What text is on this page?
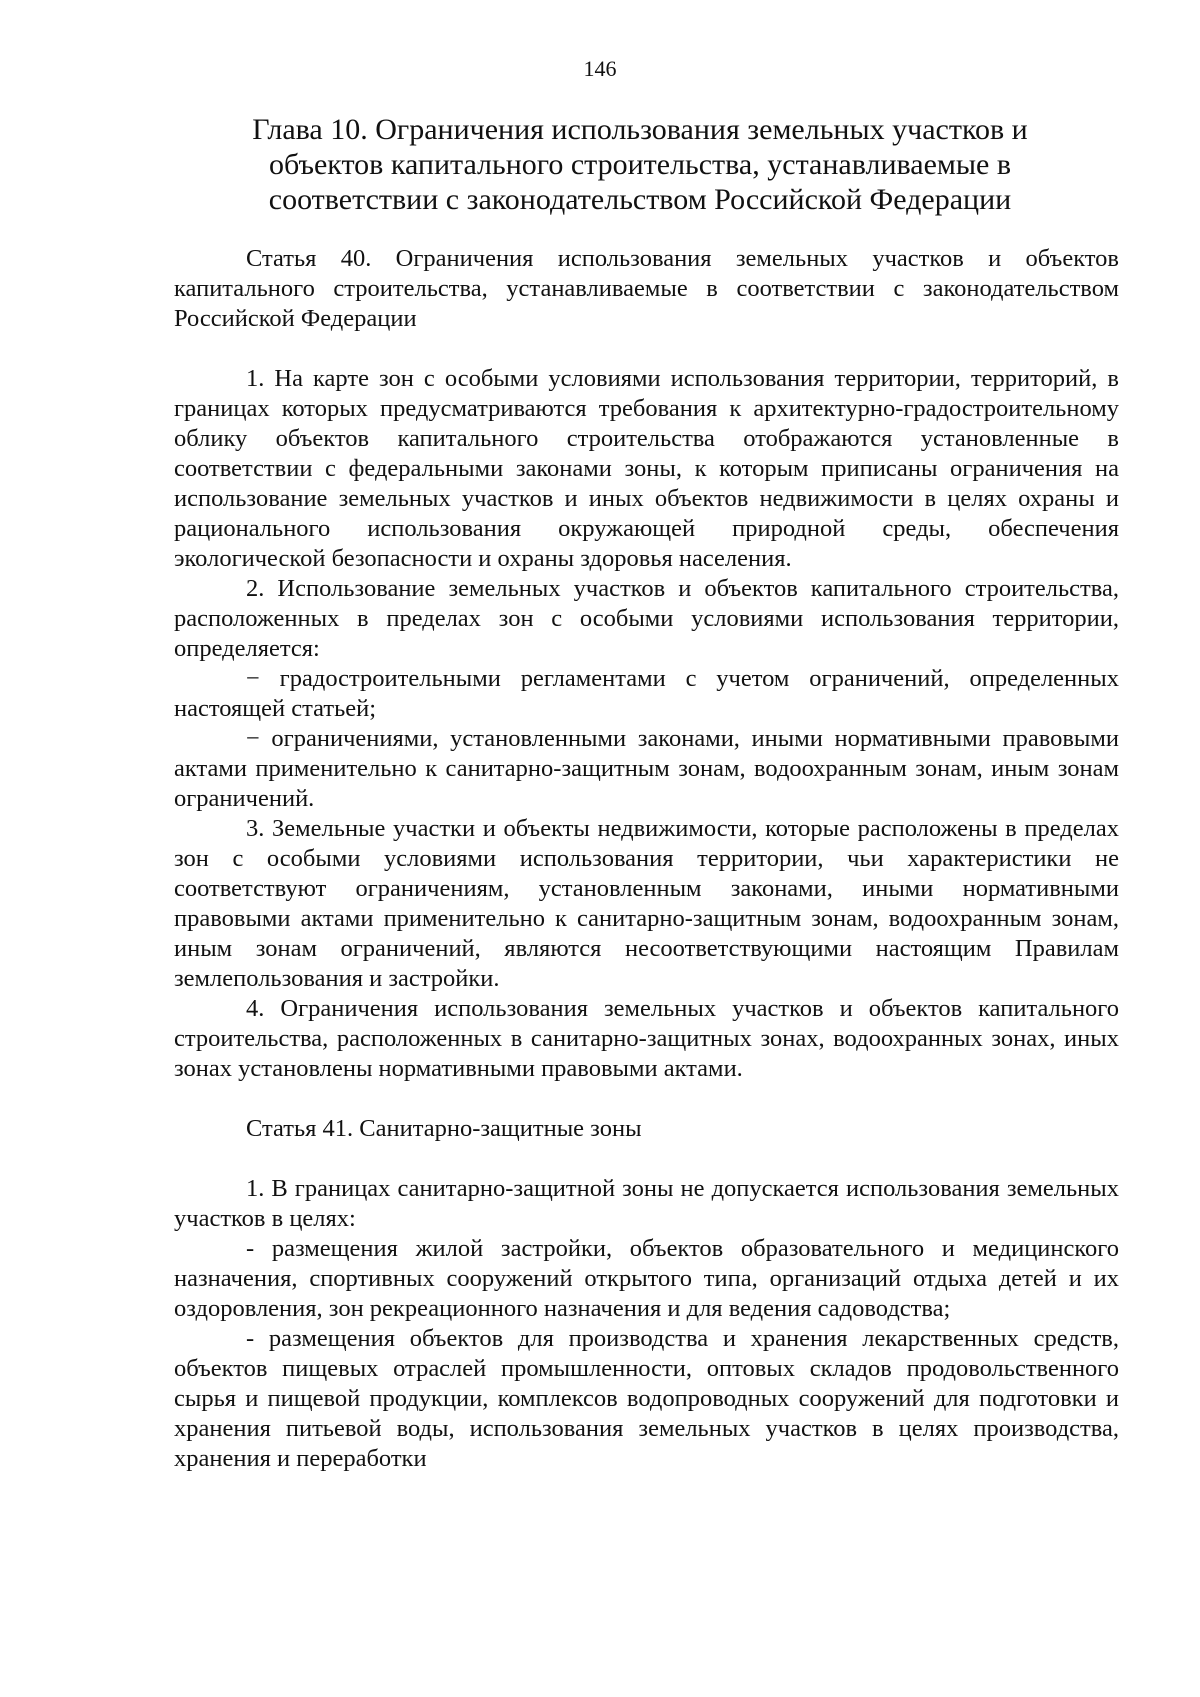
146
Глава 10. Ограничения использования земельных участков и
объектов капитального строительства, устанавливаемые в
соответствии с законодательством Российской Федерации

Статья 40. Ограничения использования земельных участков и объектов капитального строительства, устанавливаемые в соответствии с законодательством Российской Федерации

1. На карте зон с особыми условиями использования территории, территорий, в границах которых предусматриваются требования к архитектурно-градостроительному облику объектов капитального строительства отображаются установленные в соответствии с федеральными законами зоны, к которым приписаны ограничения на использование земельных участков и иных объектов недвижимости в целях охраны и рационального использования окружающей природной среды, обеспечения экологической безопасности и охраны здоровья населения.

2. Использование земельных участков и объектов капитального строительства, расположенных в пределах зон с особыми условиями использования территории, определяется:

− градостроительными регламентами с учетом ограничений, определенных настоящей статьей;

− ограничениями, установленными законами, иными нормативными правовыми актами применительно к санитарно-защитным зонам, водоохранным зонам, иным зонам ограничений.

3. Земельные участки и объекты недвижимости, которые расположены в пределах зон с особыми условиями использования территории, чьи характеристики не соответствуют ограничениям, установленным законами, иными нормативными правовыми актами применительно к санитарно-защитным зонам, водоохранным зонам, иным зонам ограничений, являются несоответствующими настоящим Правилам землепользования и застройки.

4. Ограничения использования земельных участков и объектов капитального строительства, расположенных в санитарно-защитных зонах, водоохранных зонах, иных зонах установлены нормативными правовыми актами.

Статья 41. Санитарно-защитные зоны

1. В границах санитарно-защитной зоны не допускается использования земельных участков в целях:

- размещения жилой застройки, объектов образовательного и медицинского назначения, спортивных сооружений открытого типа, организаций отдыха детей и их оздоровления, зон рекреационного назначения и для ведения садоводства;

- размещения объектов для производства и хранения лекарственных средств, объектов пищевых отраслей промышленности, оптовых складов продовольственного сырья и пищевой продукции, комплексов водопроводных сооружений для подготовки и хранения питьевой воды, использования земельных участков в целях производства, хранения и переработки
